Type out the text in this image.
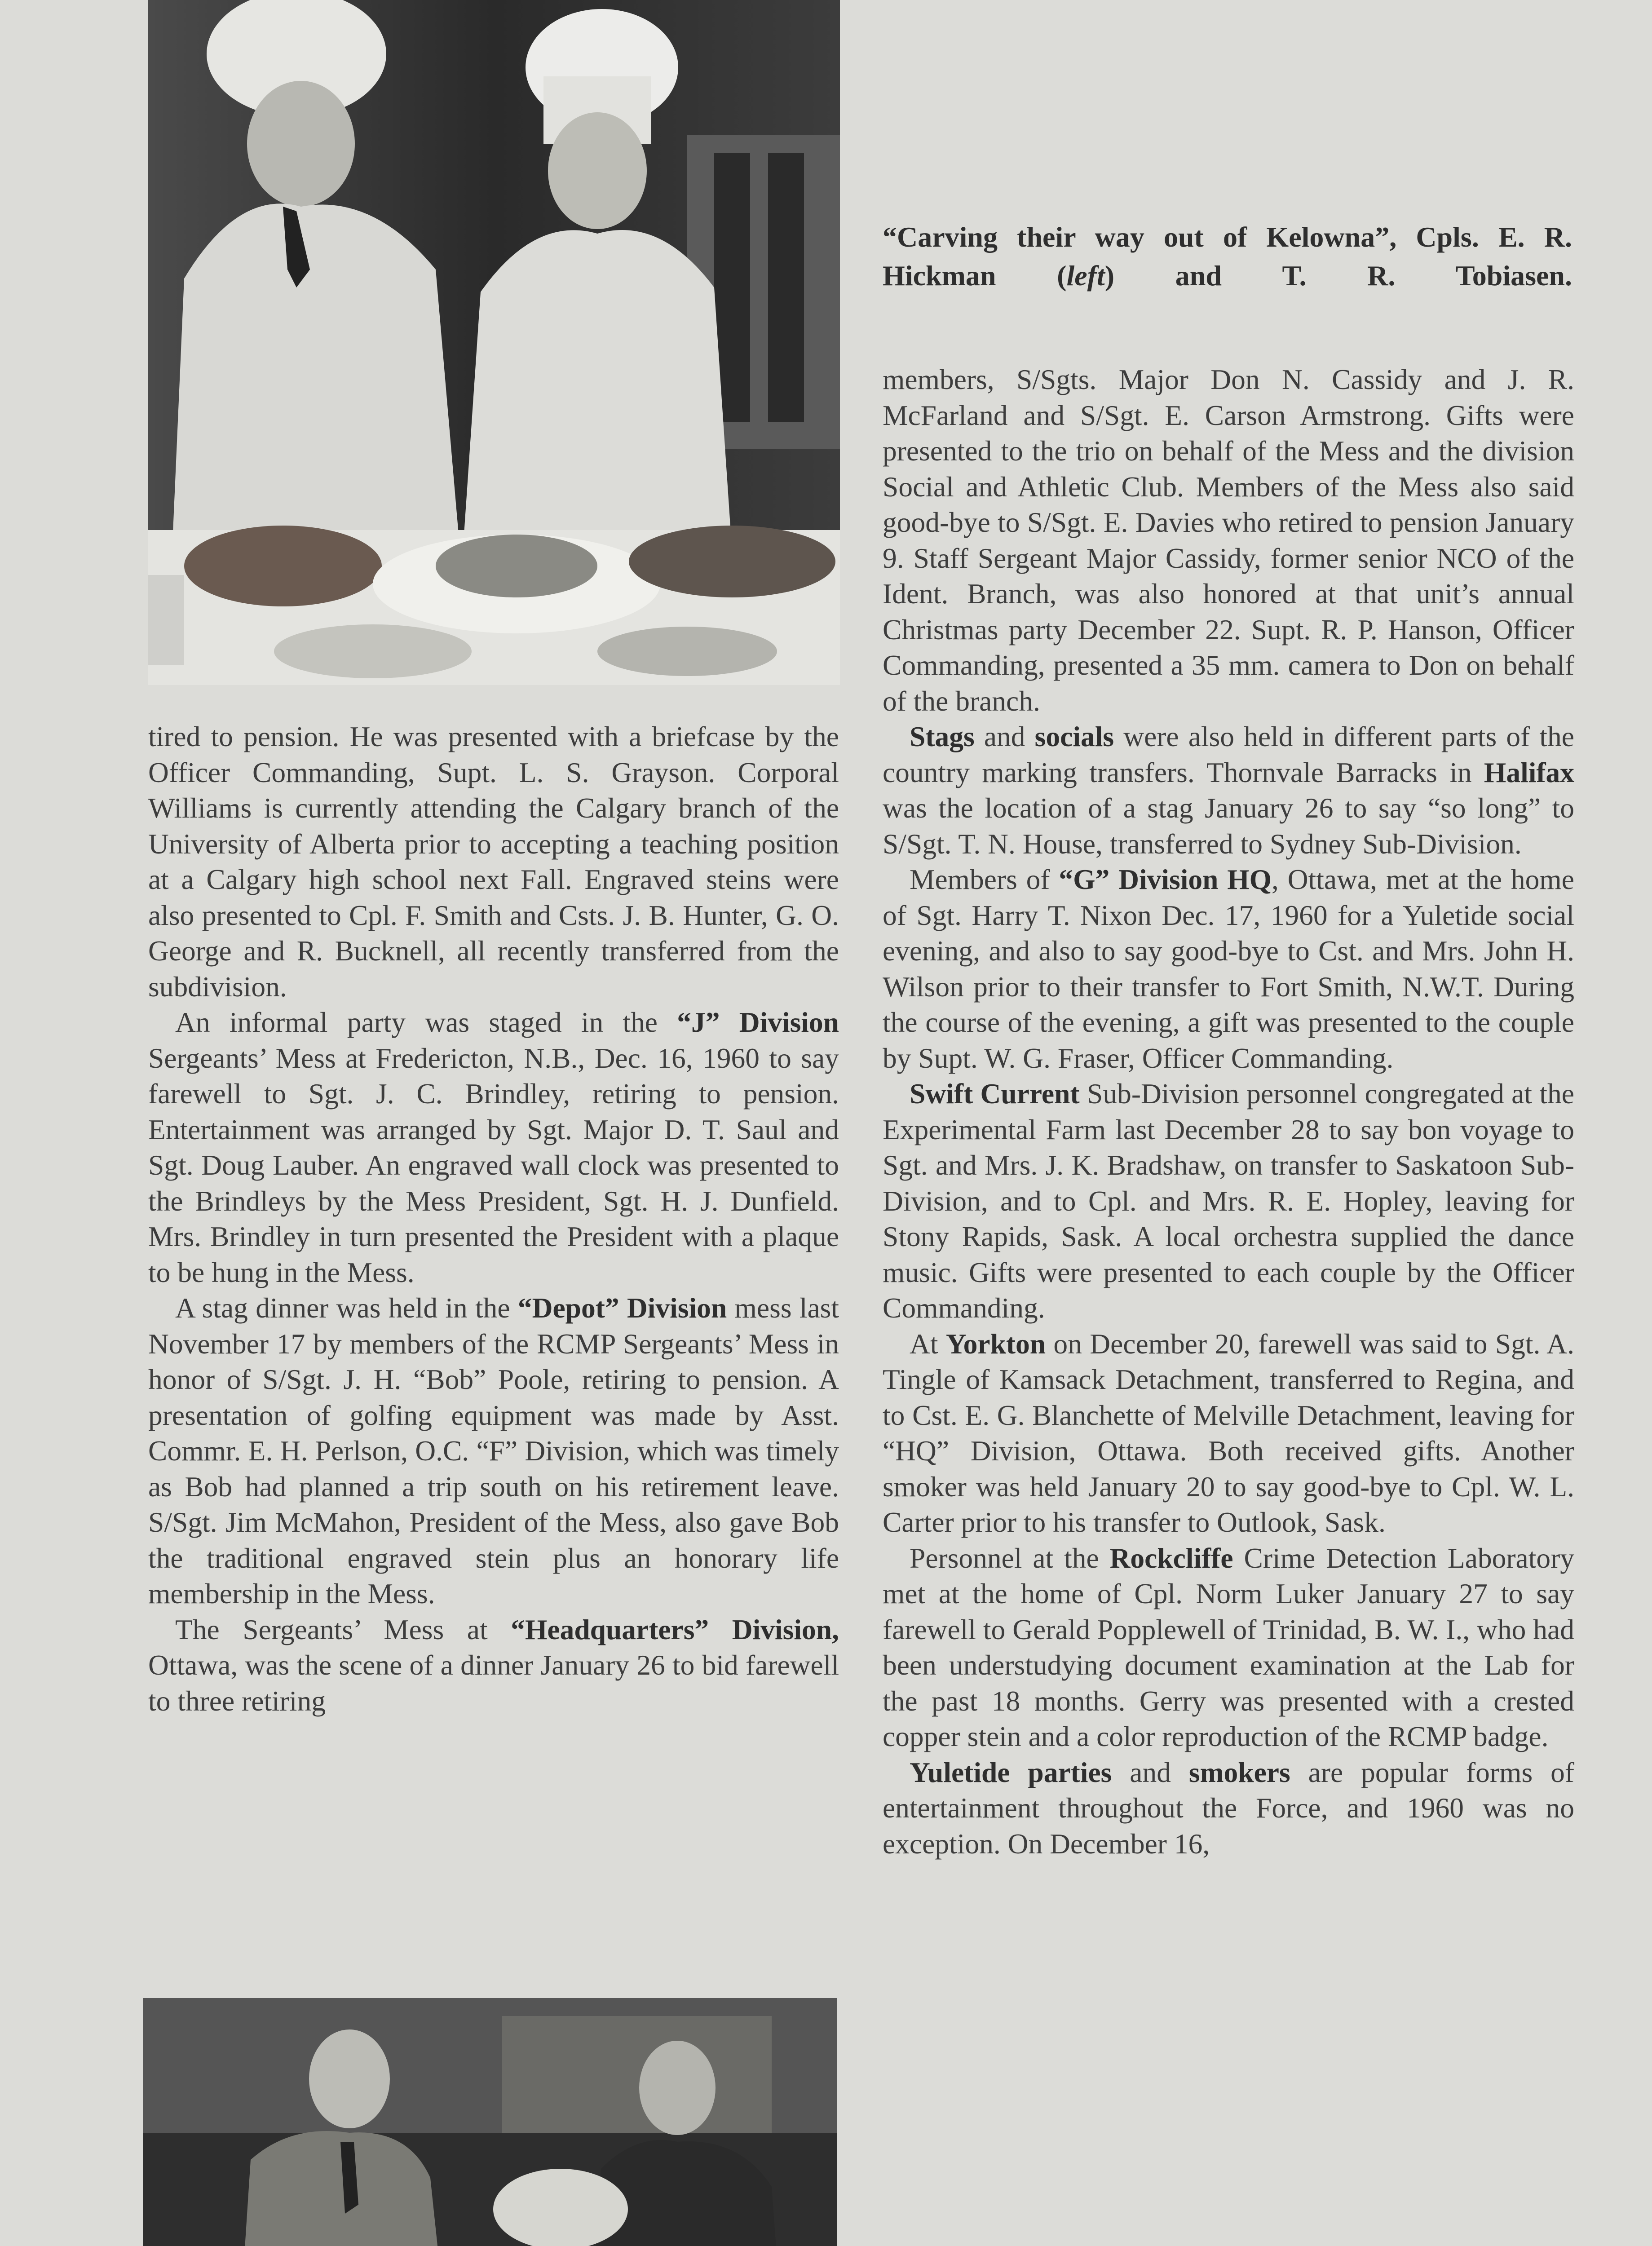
“Carving their way out of Kelowna”, Cpls. E. R. Hickman (left) and T. R. Tobiasen.

tired to pension. He was presented with a briefcase by the Officer Commanding, Supt. L. S. Grayson. Corporal Williams is currently attending the Calgary branch of the University of Alberta prior to accepting a teaching position at a Calgary high school next Fall. Engraved steins were also presented to Cpl. F. Smith and Csts. J. B. Hunter, G. O. George and R. Bucknell, all recently transferred from the subdivision.

An informal party was staged in the “J” Division Sergeants’ Mess at Fredericton, N.B., Dec. 16, 1960 to say farewell to Sgt. J. C. Brindley, retiring to pension. Entertainment was arranged by Sgt. Major D. T. Saul and Sgt. Doug Lauber. An engraved wall clock was presented to the Brindleys by the Mess President, Sgt. H. J. Dunfield. Mrs. Brindley in turn presented the President with a plaque to be hung in the Mess.

A stag dinner was held in the “Depot” Division mess last November 17 by members of the RCMP Sergeants’ Mess in honor of S/Sgt. J. H. “Bob” Poole, retiring to pension. A presentation of golfing equipment was made by Asst. Commr. E. H. Perlson, O.C. “F” Division, which was timely as Bob had planned a trip south on his retirement leave. S/Sgt. Jim McMahon, President of the Mess, also gave Bob the traditional engraved stein plus an honorary life membership in the Mess.

The Sergeants’ Mess at “Headquarters” Division, Ottawa, was the scene of a dinner January 26 to bid farewell to three retiring

members, S/Sgts. Major Don N. Cassidy and J. R. McFarland and S/Sgt. E. Carson Armstrong. Gifts were presented to the trio on behalf of the Mess and the division Social and Athletic Club. Members of the Mess also said good-bye to S/Sgt. E. Davies who retired to pension January 9. Staff Sergeant Major Cassidy, former senior NCO of the Ident. Branch, was also honored at that unit’s annual Christmas party December 22. Supt. R. P. Hanson, Officer Commanding, presented a 35 mm. camera to Don on behalf of the branch.

Stags and socials were also held in different parts of the country marking transfers. Thornvale Barracks in Halifax was the location of a stag January 26 to say “so long” to S/Sgt. T. N. House, transferred to Sydney Sub-Division.

Members of “G” Division HQ, Ottawa, met at the home of Sgt. Harry T. Nixon Dec. 17, 1960 for a Yuletide social evening, and also to say good-bye to Cst. and Mrs. John H. Wilson prior to their transfer to Fort Smith, N.W.T. During the course of the evening, a gift was presented to the couple by Supt. W. G. Fraser, Officer Commanding.

Swift Current Sub-Division personnel congregated at the Experimental Farm last December 28 to say bon voyage to Sgt. and Mrs. J. K. Bradshaw, on transfer to Saskatoon Sub-Division, and to Cpl. and Mrs. R. E. Hopley, leaving for Stony Rapids, Sask. A local orchestra supplied the dance music. Gifts were presented to each couple by the Officer Commanding.

At Yorkton on December 20, farewell was said to Sgt. A. Tingle of Kamsack Detachment, transferred to Regina, and to Cst. E. G. Blanchette of Melville Detachment, leaving for “HQ” Division, Ottawa. Both received gifts. Another smoker was held January 20 to say good-bye to Cpl. W. L. Carter prior to his transfer to Outlook, Sask.

Personnel at the Rockcliffe Crime Detection Laboratory met at the home of Cpl. Norm Luker January 27 to say farewell to Gerald Popplewell of Trinidad, B. W. I., who had been understudying document examination at the Lab for the past 18 months. Gerry was presented with a crested copper stein and a color reproduction of the RCMP badge.

Yuletide parties and smokers are popular forms of entertainment throughout the Force, and 1960 was no exception. On December 16,
